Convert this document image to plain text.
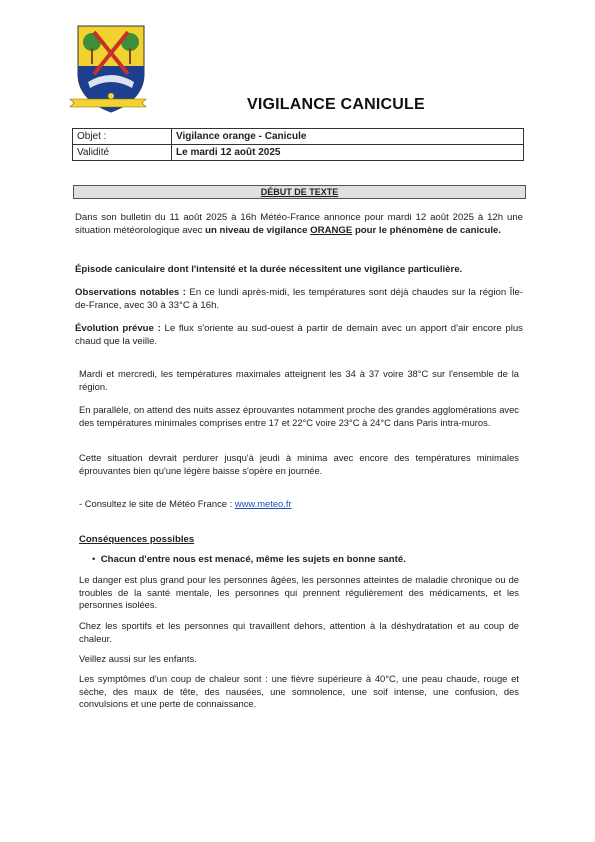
VIGILANCE CANICULE
Objet :	Vigilance orange - Canicule
Validité	Le mardi 12 août 2025
DÉBUT DE TEXTE
Dans son bulletin du 11 août 2025 à 16h Météo-France annonce pour mardi 12 août 2025 à 12h une situation météorologique avec un niveau de vigilance ORANGE pour le phénomène de canicule.
Épisode caniculaire dont l'intensité et la durée nécessitent une vigilance particulière.
Observations notables : En ce lundi après-midi, les températures sont déjà chaudes sur la région Île-de-France, avec 30 à 33°C à 16h.
Évolution prévue : Le flux s'oriente au sud-ouest à partir de demain avec un apport d'air encore plus chaud que la veille.
Mardi et mercredi, les températures maximales atteignent les 34 à 37 voire 38°C sur l'ensemble de la région.
En parallèle, on attend des nuits assez éprouvantes notamment proche des grandes agglomérations avec des températures minimales comprises entre 17 et 22°C voire 23°C à 24°C dans Paris intra-muros.
Cette situation devrait perdurer jusqu'à jeudi à minima avec encore des températures minimales éprouvantes bien qu'une légère baisse s'opère en journée.
- Consultez le site de Météo France : www.meteo.fr
Conséquences possibles
•  Chacun d'entre nous est menacé, même les sujets en bonne santé.
Le danger est plus grand pour les personnes âgées, les personnes atteintes de maladie chronique ou de troubles de la santé mentale, les personnes qui prennent régulièrement des médicaments, et les personnes isolées.
Chez les sportifs et les personnes qui travaillent dehors, attention à la déshydratation et au coup de chaleur.
Veillez aussi sur les enfants.
Les symptômes d'un coup de chaleur sont : une fièvre supérieure à 40°C, une peau chaude, rouge et sèche, des maux de tête, des nausées, une somnolence, une soif intense, une confusion, des convulsions et une perte de connaissance.
